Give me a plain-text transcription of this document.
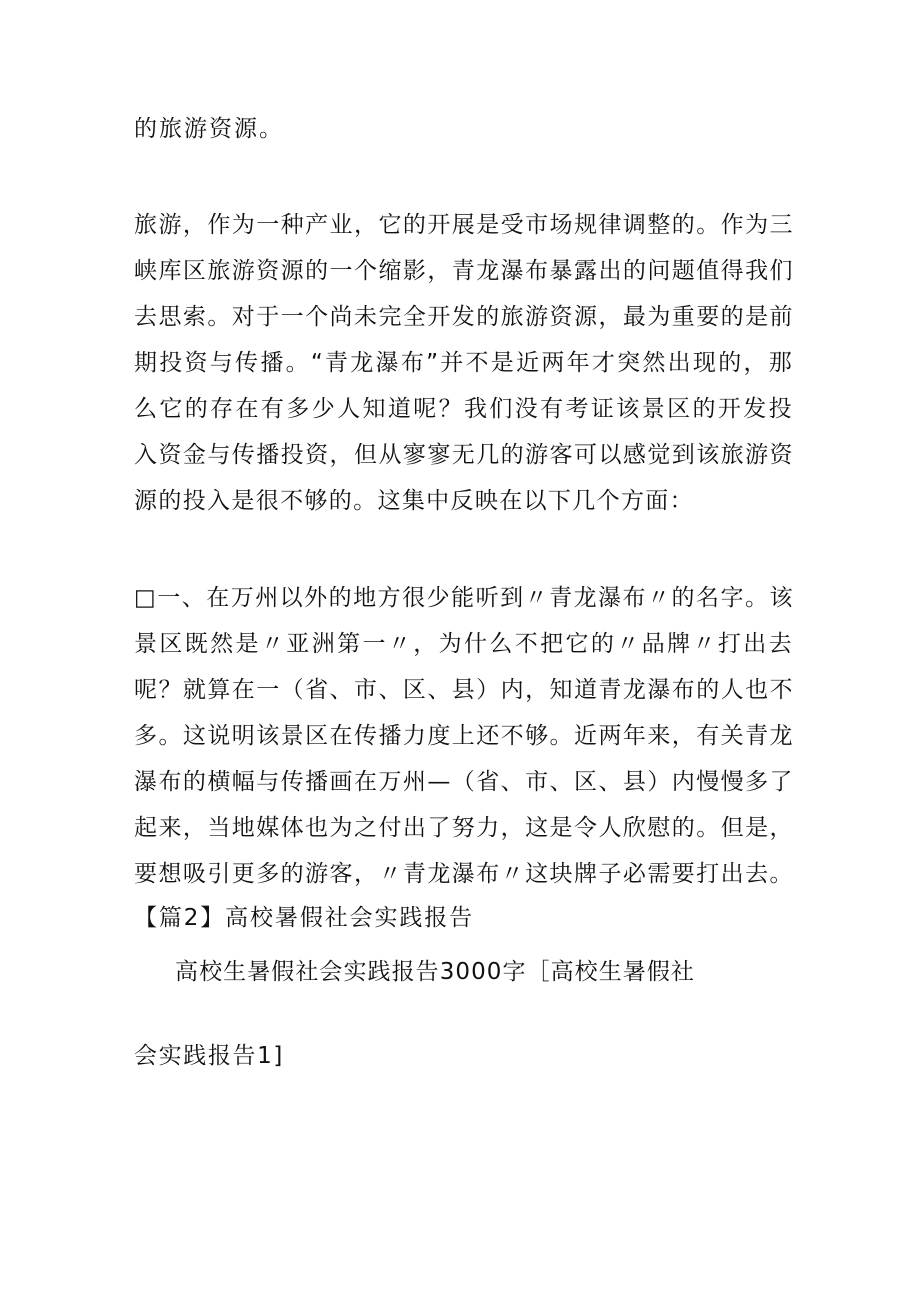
的旅游资源。
旅游，作为一种产业，它的开展是受市场规律调整的。作为三
峡库区旅游资源的一个缩影，青龙瀑布暴露出的问题值得我们
去思索。对于一个尚未完全开发的旅游资源，最为重要的是前
期投资与传播。“青龙瀑布”并不是近两年才突然出现的，那
么它的存在有多少人知道呢？我们没有考证该景区的开发投
入资金与传播投资，但从寥寥无几的游客可以感觉到该旅游资
源的投入是很不够的。这集中反映在以下几个方面：
□一、在万州以外的地方很少能听到〃青龙瀑布〃的名字。该
景区既然是〃亚洲第一〃，为什么不把它的〃品牌〃打出去
呢？就算在一（省、市、区、县）内，知道青龙瀑布的人也不
多。这说明该景区在传播力度上还不够。近两年来，有关青龙
瀑布的横幅与传播画在万州—（省、市、区、县）内慢慢多了
起来，当地媒体也为之付出了努力，这是令人欣慰的。但是，
要想吸引更多的游客，〃青龙瀑布〃这块牌子必需要打出去。
【篇2】高校暑假社会实践报告
高校生暑假社会实践报告3000字［高校生暑假社
会实践报告1]
